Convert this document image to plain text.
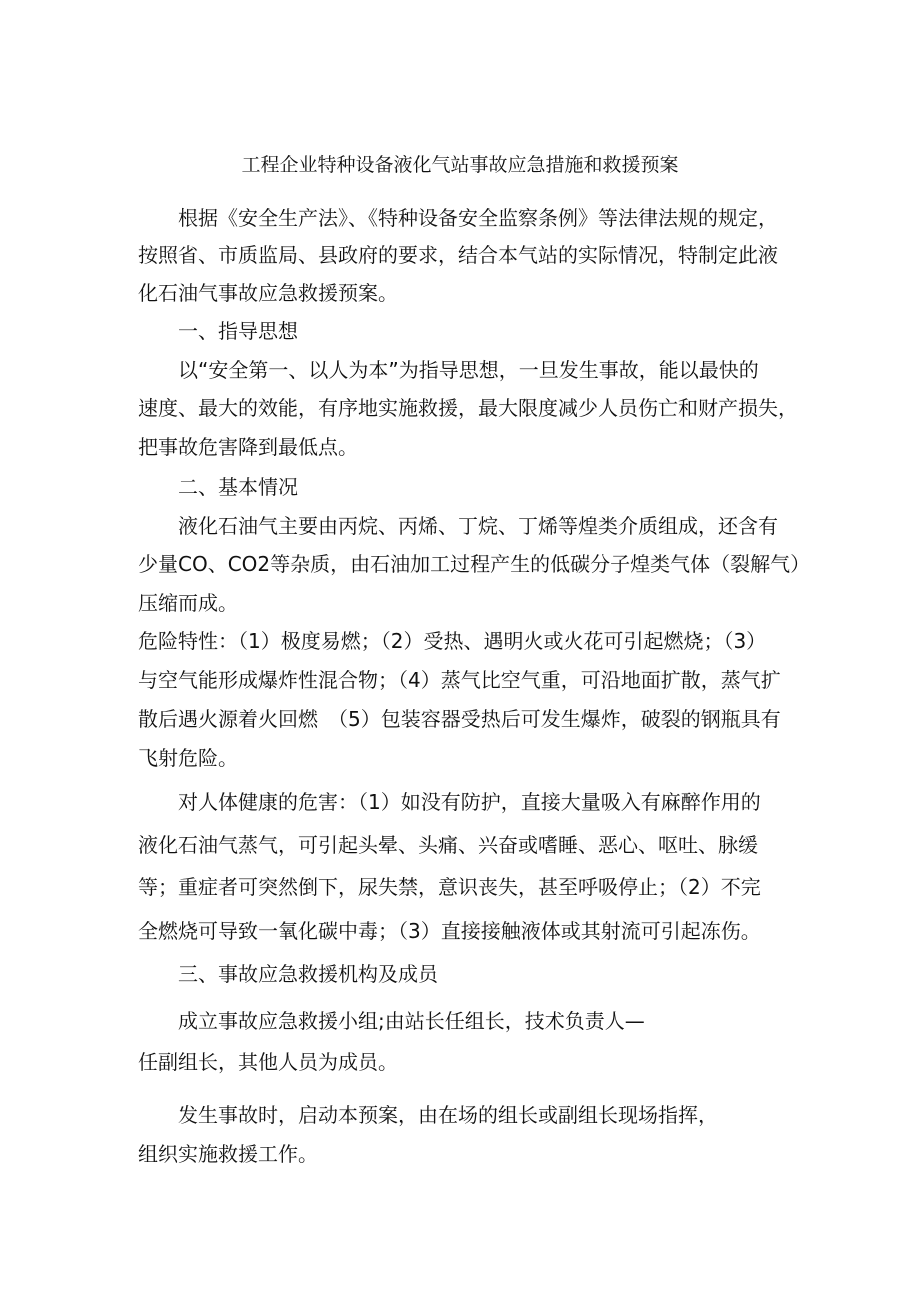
工程企业特种设备液化气站事故应急措施和救援预案
根据《安全生产法》、《特种设备安全监察条例》等法律法规的规定，
按照省、市质监局、县政府的要求，结合本气站的实际情况，特制定此液
化石油气事故应急救援预案。
一、指导思想
以“安全第一、以人为本”为指导思想，一旦发生事故，能以最快的
速度、最大的效能，有序地实施救援，最大限度减少人员伤亡和财产损失，
把事故危害降到最低点。
二、基本情况
液化石油气主要由丙烷、丙烯、丁烷、丁烯等煌类介质组成，还含有
少量CO、CO2等杂质，由石油加工过程产生的低碳分子煌类气体（裂解气）
压缩而成。
危险特性：（1）极度易燃；（2）受热、遇明火或火花可引起燃烧；（3）
与空气能形成爆炸性混合物；（4）蒸气比空气重，可沿地面扩散，蒸气扩
散后遇火源着火回燃　（5）包装容器受热后可发生爆炸，破裂的钢瓶具有
飞射危险。
对人体健康的危害：（1）如没有防护，直接大量吸入有麻醉作用的
液化石油气蒸气，可引起头晕、头痛、兴奋或嗜睡、恶心、呕吐、脉缓
等；重症者可突然倒下，尿失禁，意识丧失，甚至呼吸停止；（2）不完
全燃烧可导致一氧化碳中毒；（3）直接接触液体或其射流可引起冻伤。
三、事故应急救援机构及成员
成立事故应急救援小组;由站长任组长，技术负责人—
任副组长，其他人员为成员。
发生事故时，启动本预案，由在场的组长或副组长现场指挥，
组织实施救援工作。
